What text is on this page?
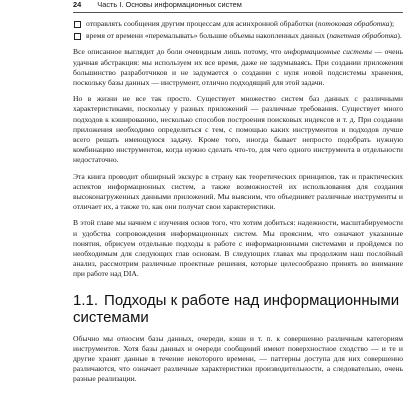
24 Часть I. Основы информационных систем
отправлять сообщения другим процессам для асинхронной обработки (потоковая обработка);
время от времени «перемалывать» большие объемы накопленных данных (пакетная обработка).

Все описанное выглядит до боли очевидным лишь потому, что информационные системы — очень удачная абстракция: мы используем их все время, даже не задумываясь. При создании приложения большинство разработчиков и не задумается о создании с нуля новой подсистемы хранения, поскольку базы данных — инструмент, отлично подходящий для этой задачи.

Но в жизни не все так просто. Существует множество систем баз данных с различными характеристиками, поскольку у разных приложений — различные требования. Существует много подходов к кэшированию, несколько способов построения поисковых индексов и т. д. При создании приложения необходимо определиться с тем, с помощью каких инструментов и подходов лучше всего решать имеющуюся задачу. Кроме того, иногда бывает непросто подобрать нужную комбинацию инструментов, когда нужно сделать что-то, для чего одного инструмента в отдельности недостаточно.

Эта книга проводит обширный экскурс в страну как теоретических принципов, так и практических аспектов информационных систем, а также возможностей их использования для создания высоконагруженных данными приложений. Мы выясним, что объединяет различные инструменты и отличает их, а также то, как они получат свои характеристики.

В этой главе мы начнем с изучения основ того, что хотим добиться: надежности, масштабируемости и удобства сопровождения информационных систем. Мы проясним, что означают указанные понятия, обрисуем отдельные подходы к работе с информационными системами и пройдемся по необходимым для следующих глав основам. В следующих главах мы продолжим наш послойный анализ, рассмотрим различные проектные решения, которые целесообразно принять во внимание при работе над DIA.

1.1. Подходы к работе над информационными системами

Обычно мы относим базы данных, очереди, кэши и т. п. к совершенно различным категориям инструментов. Хотя базы данных и очереди сообщений имеют поверхностное сходство — и те и другие хранят данные в течение некоторого времени, — паттерны доступа для них совершенно различаются, что означает различные характеристики производительности, а следовательно, очень разные реализации.
